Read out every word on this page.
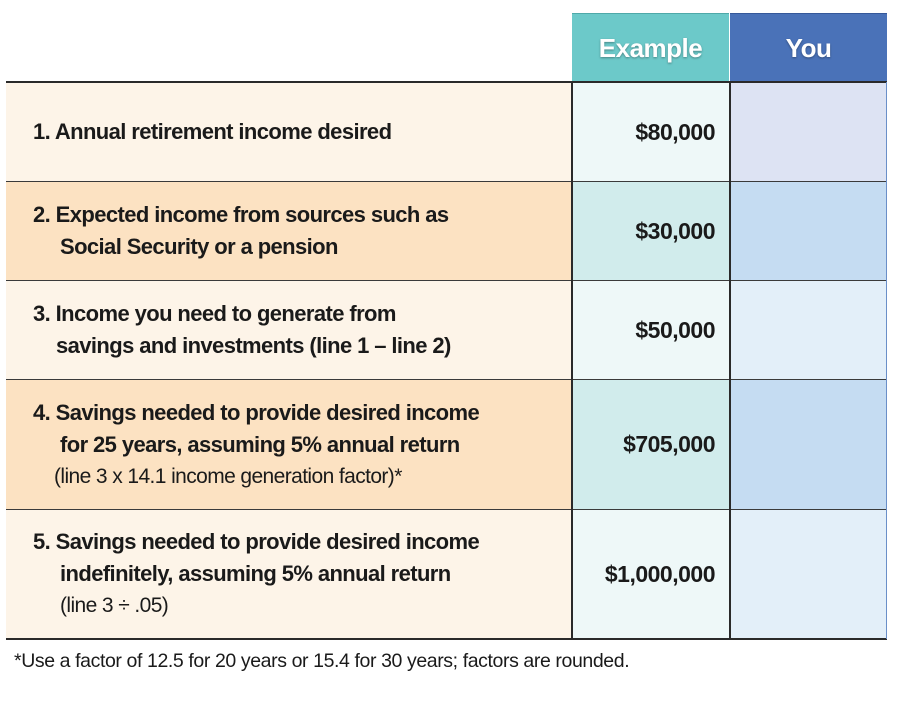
Example	You
1. Annual retirement income desired	$80,000
2. Expected income from sources such as
Social Security or a pension
$30,000
3. Income you need to generate from
savings and investments (line 1 – line 2)
$50,000
4. Savings needed to provide desired income
for 25 years, assuming 5% annual return
(line 3 x 14.1 income generation factor)*
$705,000
5. Savings needed to provide desired income
indefinitely, assuming 5% annual return
(line 3 ÷ .05)
$1,000,000
*Use a factor of 12.5 for 20 years or 15.4 for 30 years; factors are rounded.
